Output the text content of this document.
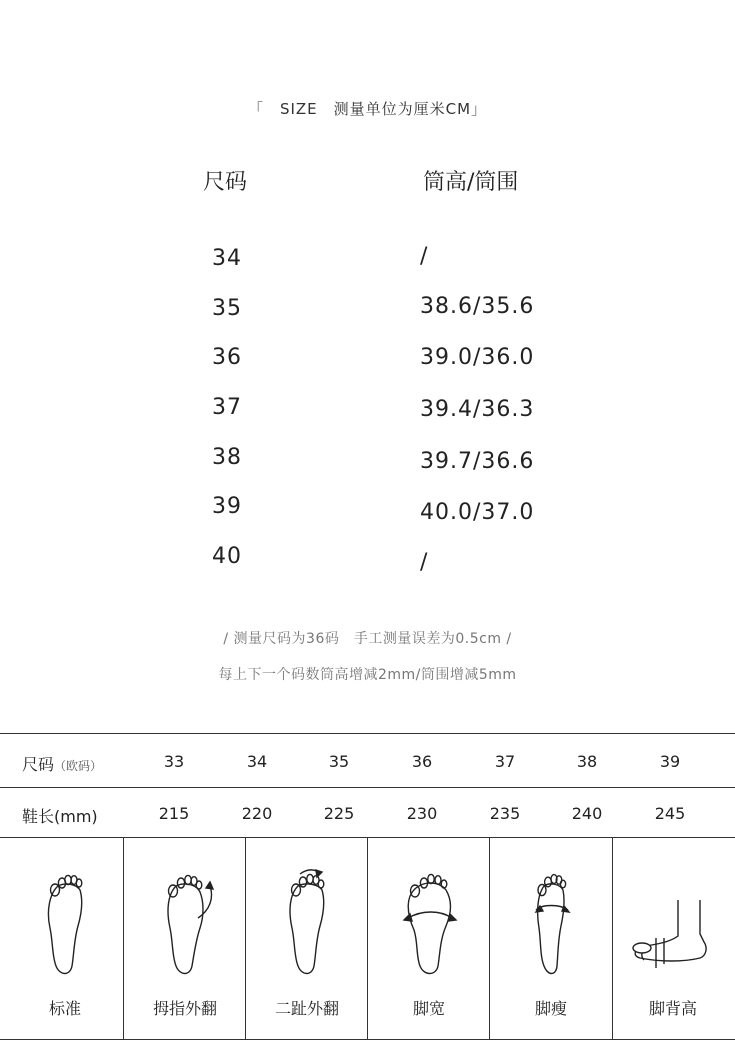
「　SIZE　测量单位为厘米CM」
尺码	筒高/筒围
34	/
35	38.6/35.6
36	39.0/36.0
37	39.4/36.3
38	39.7/36.6
39	40.0/37.0
40	/
/ 测量尺码为36码　手工测量误差为0.5cm /
每上下一个码数筒高增减2mm/筒围增减5mm
尺码（欧码）	33	34	35	36	37	38	39
鞋长(mm)	215	220	225	230	235	240	245
标准	拇指外翻	二趾外翻	脚宽	脚瘦	脚背高
